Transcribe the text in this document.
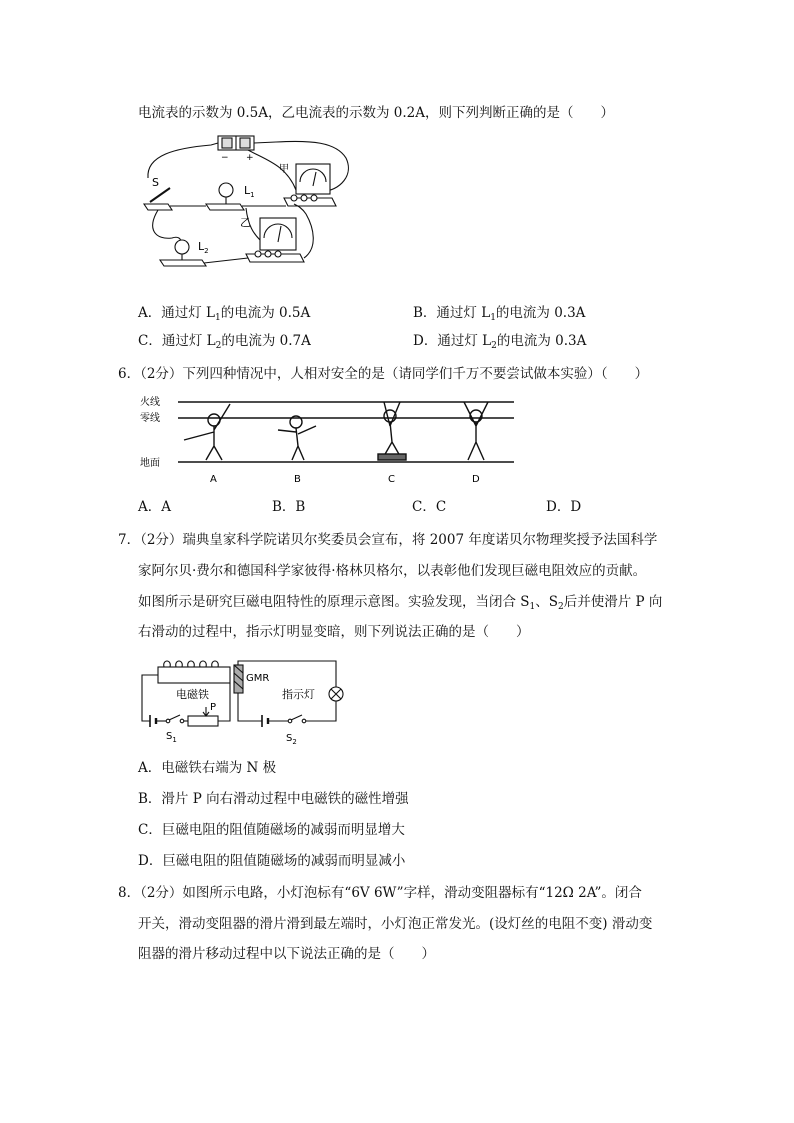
电流表的示数为 0.5A，乙电流表的示数为 0.2A，则下列判断正确的是（　　）
− +
甲
乙
S
$L_1$
$L_2$
A．通过灯 $L_1$的电流为 0.5A	B．通过灯 $L_1$的电流为 0.3A
C．通过灯 $L_2$的电流为 0.7A	D．通过灯 $L_2$的电流为 0.3A
6．（2分）下列四种情况中，人相对安全的是（请同学们千万不要尝试做本实验）（　　）
火线
零线
地面
A	B	C	D
A．A	B．B	C．C	D．D
7．（2分）瑞典皇家科学院诺贝尔奖委员会宣布，将 2007 年度诺贝尔物理奖授予法国科学
家阿尔贝·费尔和德国科学家彼得·格林贝格尔，以表彰他们发现巨磁电阻效应的贡献。
如图所示是研究巨磁电阻特性的原理示意图。实验发现，当闭合 $S_1$、$S_2$后并使滑片 P 向
右滑动的过程中，指示灯明显变暗，则下列说法正确的是（　　）
电磁铁
GMR
指示灯
P
$S_1$	$S_2$
A．电磁铁右端为 N 极
B．滑片 P 向右滑动过程中电磁铁的磁性增强
C．巨磁电阻的阻值随磁场的减弱而明显增大
D．巨磁电阻的阻值随磁场的减弱而明显减小
8．（2分）如图所示电路，小灯泡标有“6V 6W”字样，滑动变阻器标有“12Ω 2A”。闭合
开关，滑动变阻器的滑片滑到最左端时，小灯泡正常发光。(设灯丝的电阻不变) 滑动变
阻器的滑片移动过程中以下说法正确的是（　　）
